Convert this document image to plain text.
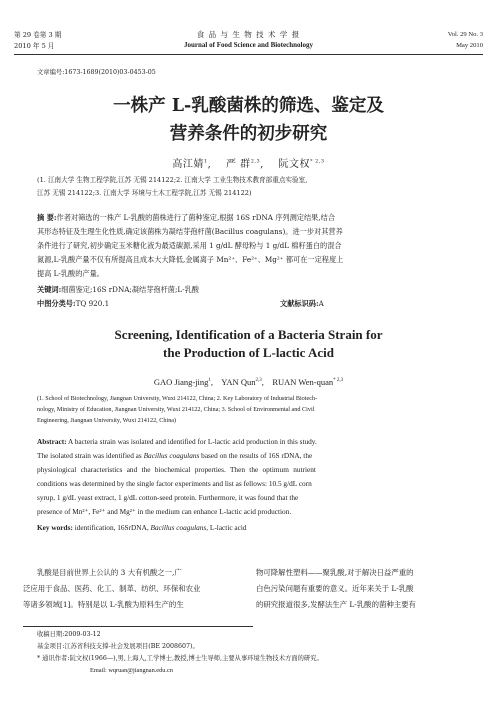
第 29 卷第 3 期
2010 年 5 月
食 品 与 生 物 技 术 学 报
Journal of Food Science and Biotechnology
Vol. 29 No. 3
May 2010
文章编号:1673-1689(2010)03-0453-05
一株产 L-乳酸菌株的筛选、鉴定及
营养条件的初步研究
高江婧$^1$,    严 群$^{2,3}$,    阮文权$^{* 2,3}$
(1. 江南大学 生物工程学院,江苏 无锡 214122;2. 江南大学 工业生物技术教育部重点实验室,
江苏 无锡 214122;3. 江南大学 环境与土木工程学院,江苏 无锡 214122)
摘 要:作者对筛选的一株产 L-乳酸的菌株进行了菌种鉴定,根据 16S rDNA 序列测定结果,结合
其形态特征及生理生化性质,确定该菌株为凝结芽孢杆菌(Bacillus coagulans)。进一步对其营养
条件进行了研究,初步确定玉米糖化液为最适碳源,采用 1 g/dL 酵母粉与 1 g/dL 棉籽蛋白的混合
氮源,L-乳酸产量不仅有所提高且成本大大降低,金属离子 Mn²⁺、Fe²⁺、Mg²⁺ 都可在一定程度上
提高 L-乳酸的产量。
关键词:细菌鉴定;16S rDNA;凝结芽孢杆菌;L-乳酸
中图分类号:TQ 920.1	文献标识码:A
Screening, Identification of a Bacteria Strain for
the Production of L-lactic Acid
GAO Jiang-jing$^1$,    YAN Qun$^{2,3}$,    RUAN Wen-quan$^{* 2,3}$
(1. School of Biotechnology, Jiangnan University, Wuxi 214122, China; 2. Key Laboratory of Industrial Biotech-
nology, Ministry of Education, Jiangnan University, Wuxi 214122, China; 3. School of Environmental and Civil
Engineering, Jiangnan University, Wuxi 214122, China)
Abstract: A bacteria strain was isolated and identified for L-lactic acid production in this study.
The isolated strain was identified as Bacillus coagulans based on the results of 16S rDNA, the
physiological characteristics and the biochemical properties. Then the optimum nutrient
conditions was determined by the single factor experiments and list as fellows: 10.5 g/dL corn
syrup, 1 g/dL yeast extract, 1 g/dL cotton-seed protein. Furthermore, it was found that the
presence of Mn²⁺, Fe²⁺ and Mg²⁺ in the medium can enhance L-lactic acid production.
Key words: identification, 16SrDNA, Bacillus coagulans, L-lactic acid
乳酸是目前世界上公认的 3 大有机酸之一,广
泛应用于食品、医药、化工、制革、纺织、环保和农业
等诸多领域[1]。特别是以 L-乳酸为原料生产的生
物可降解性塑料——聚乳酸,对于解决日益严重的
白色污染问题有重要的意义。近年来关于 L-乳酸
的研究报道很多,发酵法生产 L-乳酸的菌种主要有
收稿日期:2009-03-12
基金项目:江苏省科技支撑-社会发展项目(BE 2008607)。
* 通讯作者:阮文权(1966—),男,上海人,工学博士,教授,博士生导师,主要从事环境生物技术方面的研究。
Email: wqruan@jiangnan.edu.cn
